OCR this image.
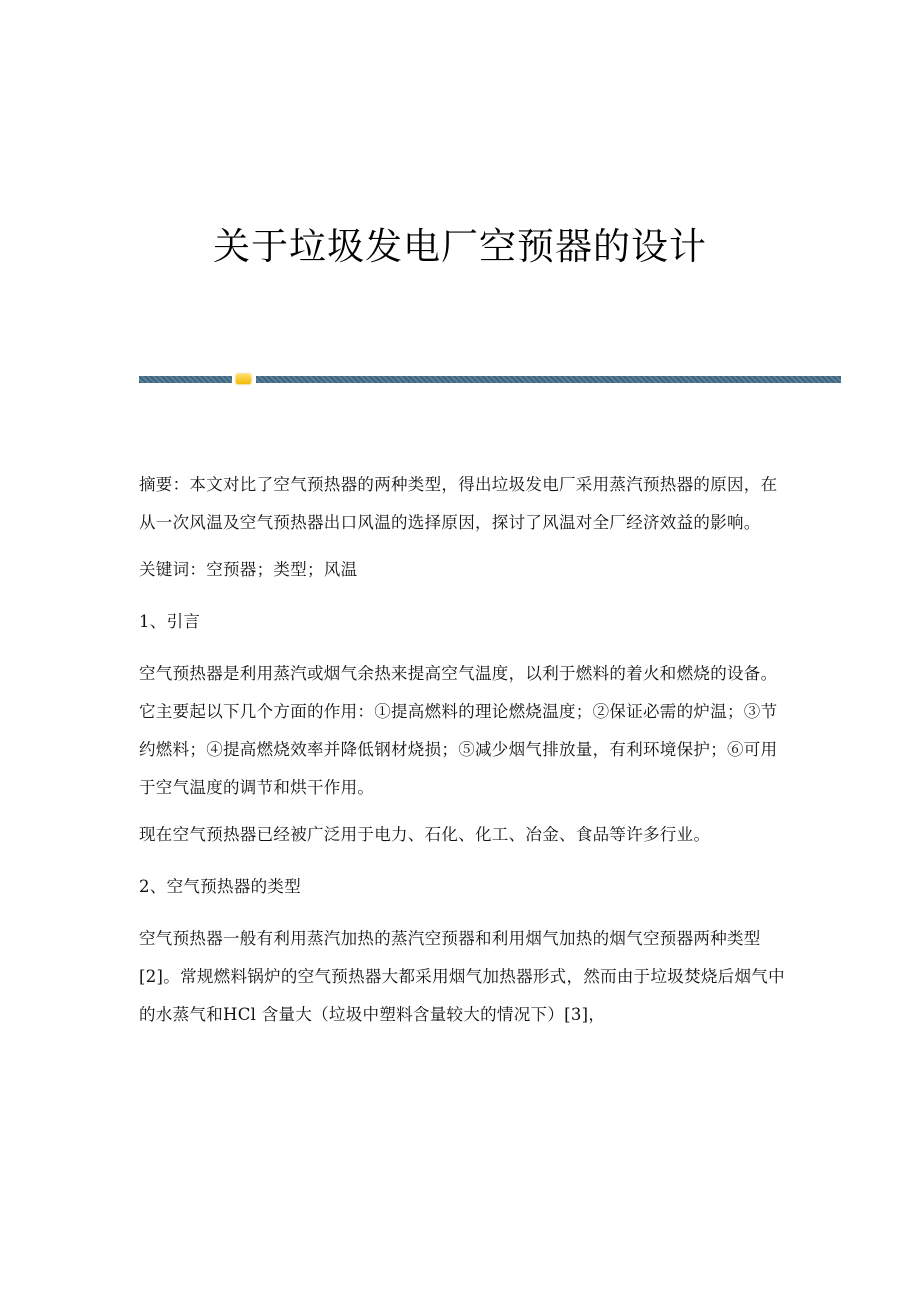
关于垃圾发电厂空预器的设计

摘要：本文对比了空气预热器的两种类型，得出垃圾发电厂采用蒸汽预热器的原因，在从一次风温及空气预热器出口风温的选择原因，探讨了风温对全厂经济效益的影响。

关键词：空预器；类型；风温

1、引言

空气预热器是利用蒸汽或烟气余热来提高空气温度，以利于燃料的着火和燃烧的设备。它主要起以下几个方面的作用：①提高燃料的理论燃烧温度；②保证必需的炉温；③节约燃料；④提高燃烧效率并降低钢材烧损；⑤减少烟气排放量，有利环境保护；⑥可用于空气温度的调节和烘干作用。

现在空气预热器已经被广泛用于电力、石化、化工、冶金、食品等许多行业。

2、空气预热器的类型

空气预热器一般有利用蒸汽加热的蒸汽空预器和利用烟气加热的烟气空预器两种类型[2]。常规燃料锅炉的空气预热器大都采用烟气加热器形式，然而由于垃圾焚烧后烟气中的水蒸气和HCl 含量大（垃圾中塑料含量较大的情况下）[3]，
